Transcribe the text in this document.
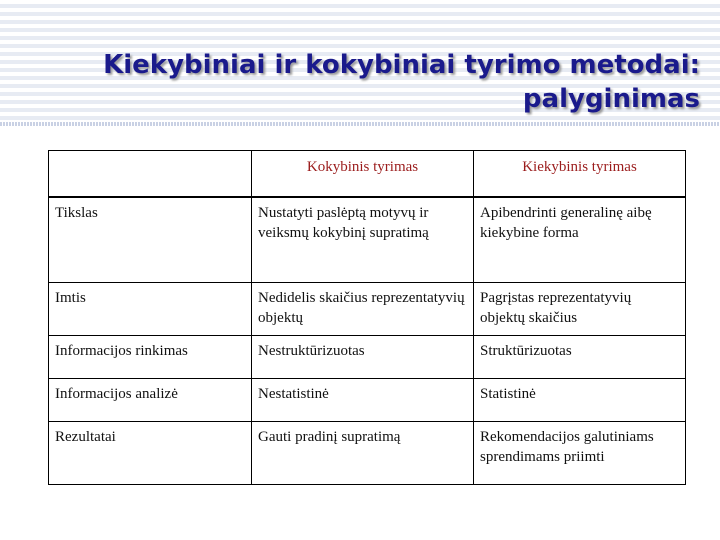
Kiekybiniai ir kokybiniai tyrimo metodai: palyginimas
	Kokybinis tyrimas	Kiekybinis tyrimas
Tikslas	Nustatyti paslėptą motyvų ir veiksmų kokybinį supratimą	Apibendrinti generalinę aibę kiekybine forma
Imtis	Nedidelis skaičius reprezentatyvių objektų	Pagrįstas reprezentatyvių objektų skaičius
Informacijos rinkimas	Nestruktūrizuotas	Struktūrizuotas
Informacijos analizė	Nestatistinė	Statistinė
Rezultatai	Gauti pradinį supratimą	Rekomendacijos galutiniams sprendimams priimti
